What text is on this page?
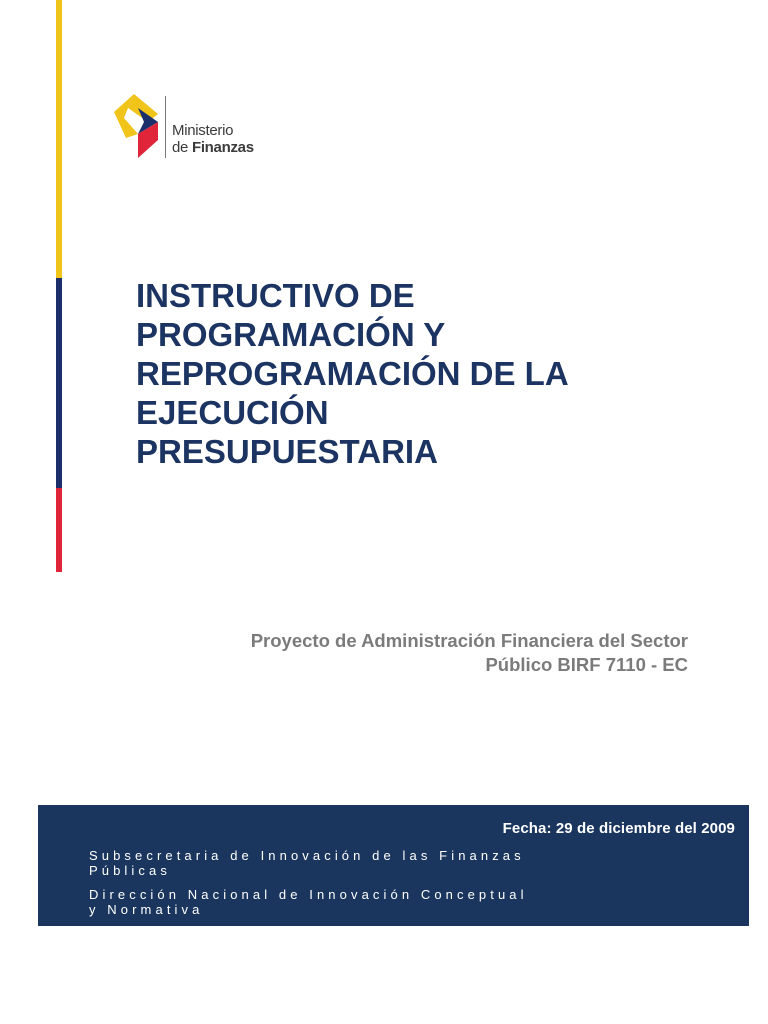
Ministerio
de Finanzas
INSTRUCTIVO DE
PROGRAMACIÓN Y
REPROGRAMACIÓN DE LA
EJECUCIÓN
PRESUPUESTARIA
Proyecto de Administración Financiera del Sector
Público BIRF 7110 - EC
Fecha: 29 de diciembre del 2009
Subsecretaria de Innovación de las Finanzas
Públicas
Dirección Nacional de Innovación Conceptual
y Normativa
